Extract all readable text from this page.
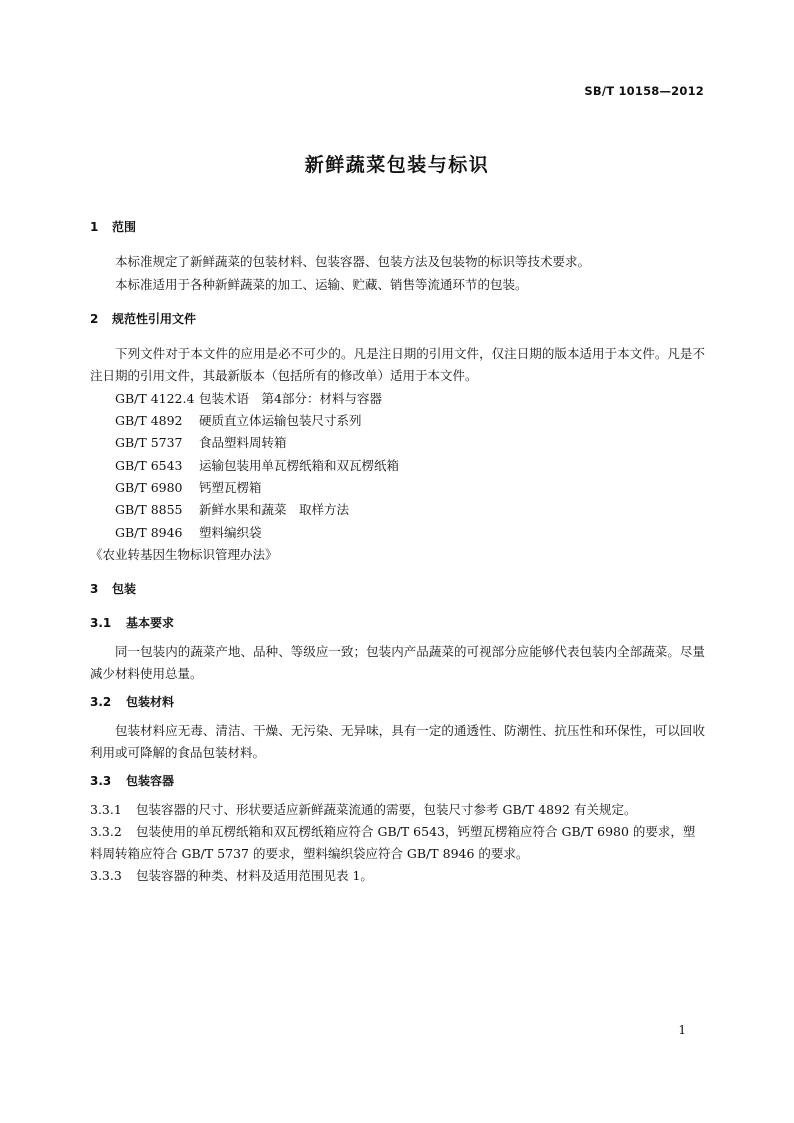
SB/T 10158—2012
新鲜蔬菜包装与标识
1 范围

本标准规定了新鲜蔬菜的包装材料、包装容器、包装方法及包装物的标识等技术要求。

本标准适用于各种新鲜蔬菜的加工、运输、贮藏、销售等流通环节的包装。

2 规范性引用文件

下列文件对于本文件的应用是必不可少的。凡是注日期的引用文件，仅注日期的版本适用于本文件。凡是不注日期的引用文件，其最新版本（包括所有的修改单）适用于本文件。

GB/T 4122.4 包装术语　第4部分：材料与容器
GB/T 4892 硬质直立体运输包装尺寸系列
GB/T 5737 食品塑料周转箱
GB/T 6543 运输包装用单瓦楞纸箱和双瓦楞纸箱
GB/T 6980 钙塑瓦楞箱
GB/T 8855 新鲜水果和蔬菜　取样方法
GB/T 8946 塑料编织袋
《农业转基因生物标识管理办法》
3 包装
3.1 基本要求

同一包装内的蔬菜产地、品种、等级应一致；包装内产品蔬菜的可视部分应能够代表包装内全部蔬菜。尽量减少材料使用总量。

3.2 包装材料

包装材料应无毒、清洁、干燥、无污染、无异味，具有一定的通透性、防潮性、抗压性和环保性，可以回收利用或可降解的食品包装材料。

3.3 包装容器

3.3.1 包装容器的尺寸、形状要适应新鲜蔬菜流通的需要，包装尺寸参考 GB/T 4892 有关规定。

3.3.2 包装使用的单瓦楞纸箱和双瓦楞纸箱应符合 GB/T 6543，钙塑瓦楞箱应符合 GB/T 6980 的要求，塑料周转箱应符合 GB/T 5737 的要求，塑料编织袋应符合 GB/T 8946 的要求。

3.3.3 包装容器的种类、材料及适用范围见表 1。

1
